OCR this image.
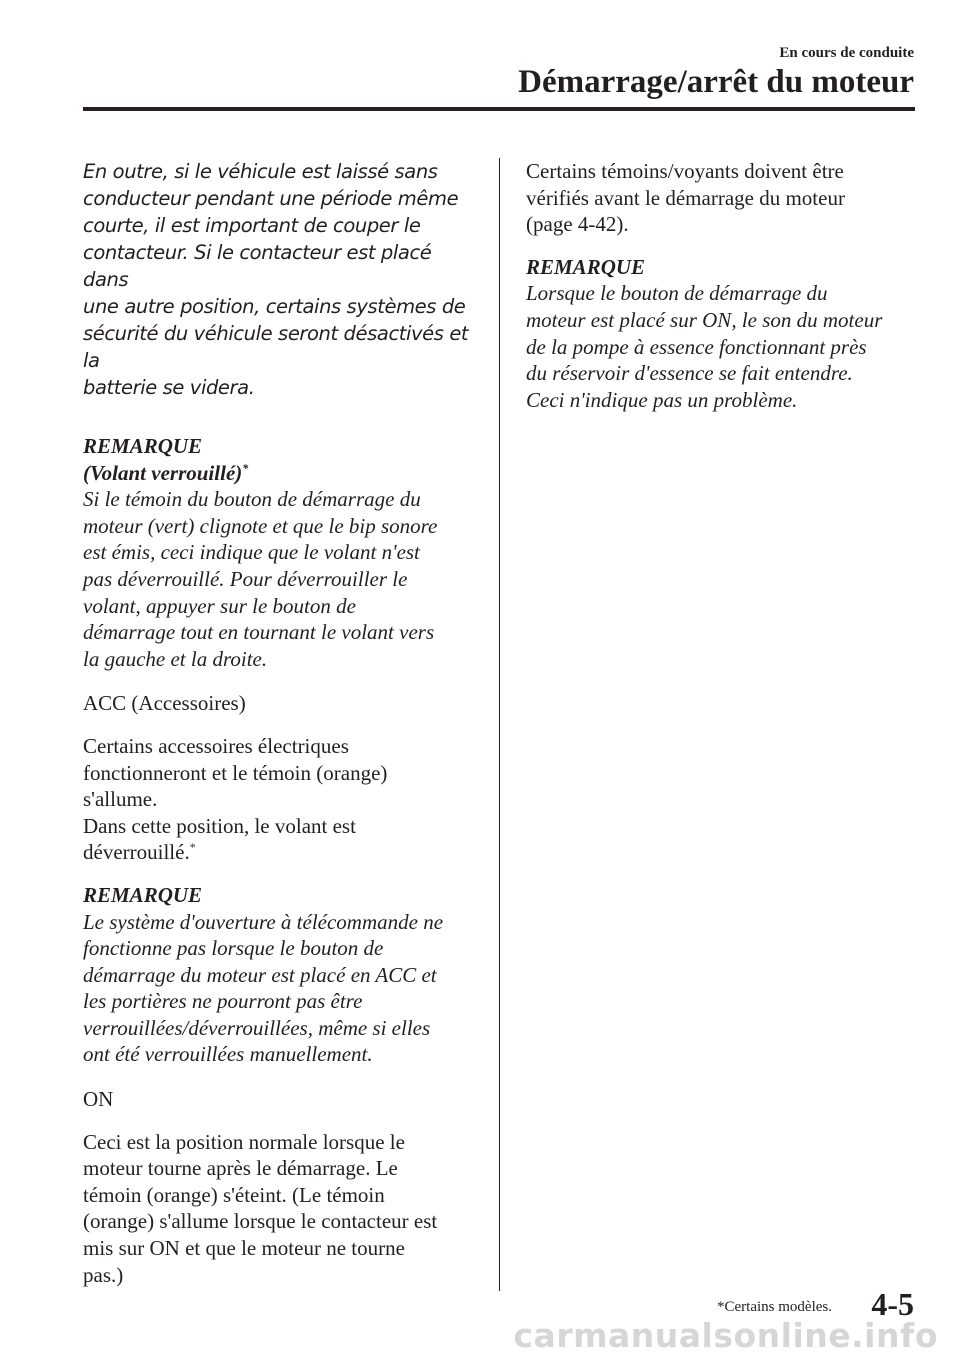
En cours de conduite
Démarrage/arrêt du moteur

En outre, si le véhicule est laissé sans
conducteur pendant une période même
courte, il est important de couper le
contacteur. Si le contacteur est placé dans
une autre position, certains systèmes de
sécurité du véhicule seront désactivés et la
batterie se videra.

REMARQUE
(Volant verrouillé)*
Si le témoin du bouton de démarrage du
moteur (vert) clignote et que le bip sonore
est émis, ceci indique que le volant n'est
pas déverrouillé. Pour déverrouiller le
volant, appuyer sur le bouton de
démarrage tout en tournant le volant vers
la gauche et la droite.
ACC (Accessoires)

Certains accessoires électriques
fonctionneront et le témoin (orange)
s'allume.
Dans cette position, le volant est
déverrouillé.*

REMARQUE
Le système d'ouverture à télécommande ne
fonctionne pas lorsque le bouton de
démarrage du moteur est placé en ACC et
les portières ne pourront pas être
verrouillées/déverrouillées, même si elles
ont été verrouillées manuellement.
ON

Ceci est la position normale lorsque le
moteur tourne après le démarrage. Le
témoin (orange) s'éteint. (Le témoin
(orange) s'allume lorsque le contacteur est
mis sur ON et que le moteur ne tourne
pas.)

Certains témoins/voyants doivent être
vérifiés avant le démarrage du moteur
(page 4-42).

REMARQUE
Lorsque le bouton de démarrage du
moteur est placé sur ON, le son du moteur
de la pompe à essence fonctionnant près
du réservoir d'essence se fait entendre.
Ceci n'indique pas un problème.
*Certains modèles. 4-5
carmanualsonline.info
